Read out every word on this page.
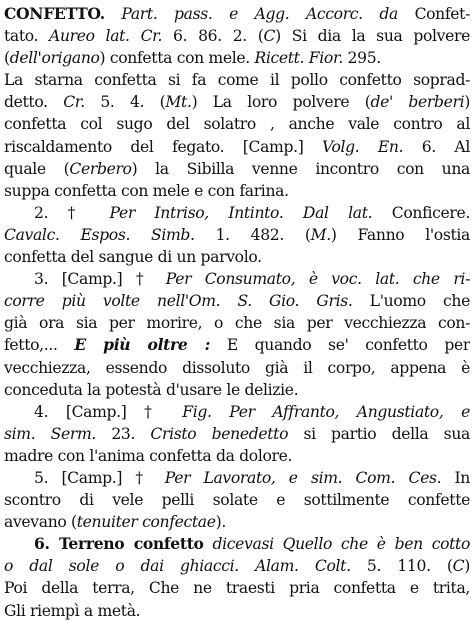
CONFETTO. Part. pass. e Agg. Accorc. da Confet-
tato. Aureo lat. Cr. 6. 86. 2. (C) Si dia la sua polvere
(dell'origano) confetta con mele. Ricett. Fior. 295.
La starna confetta si fa come il pollo confetto soprad-
detto. Cr. 5. 4. (Mt.) La loro polvere (de' berberi)
confetta col sugo del solatro , anche vale contro al
riscaldamento del fegato. [Camp.] Volg. En. 6. Al
quale (Cerbero) la Sibilla venne incontro con una
suppa confetta con mele e con farina.
2. † Per Intriso, Intinto. Dal lat. Conficere.
Cavalc. Espos. Simb. 1. 482. (M.) Fanno l'ostia
confetta del sangue di un parvolo.
3. [Camp.] † Per Consumato, è voc. lat. che ri-
corre più volte nell'Om. S. Gio. Gris. L'uomo che
già ora sia per morire, o che sia per vecchiezza con-
fetto,... E più oltre : E quando se' confetto per
vecchiezza, essendo dissoluto già il corpo, appena è
conceduta la potestà d'usare le delizie.
4. [Camp.] † Fig. Per Affranto, Angustiato, e
sim. Serm. 23. Cristo benedetto si partio della sua
madre con l'anima confetta da dolore.
5. [Camp.] † Per Lavorato, e sim. Com. Ces. In
scontro di vele pelli solate e sottilmente confette
avevano (tenuiter confectae).
6. Terreno confetto dicevasi Quello che è ben cotto
o dal sole o dai ghiacci. Alam. Colt. 5. 110. (C)
Poi della terra, Che ne traesti pria confetta e trita,
Gli riempì a metà.
